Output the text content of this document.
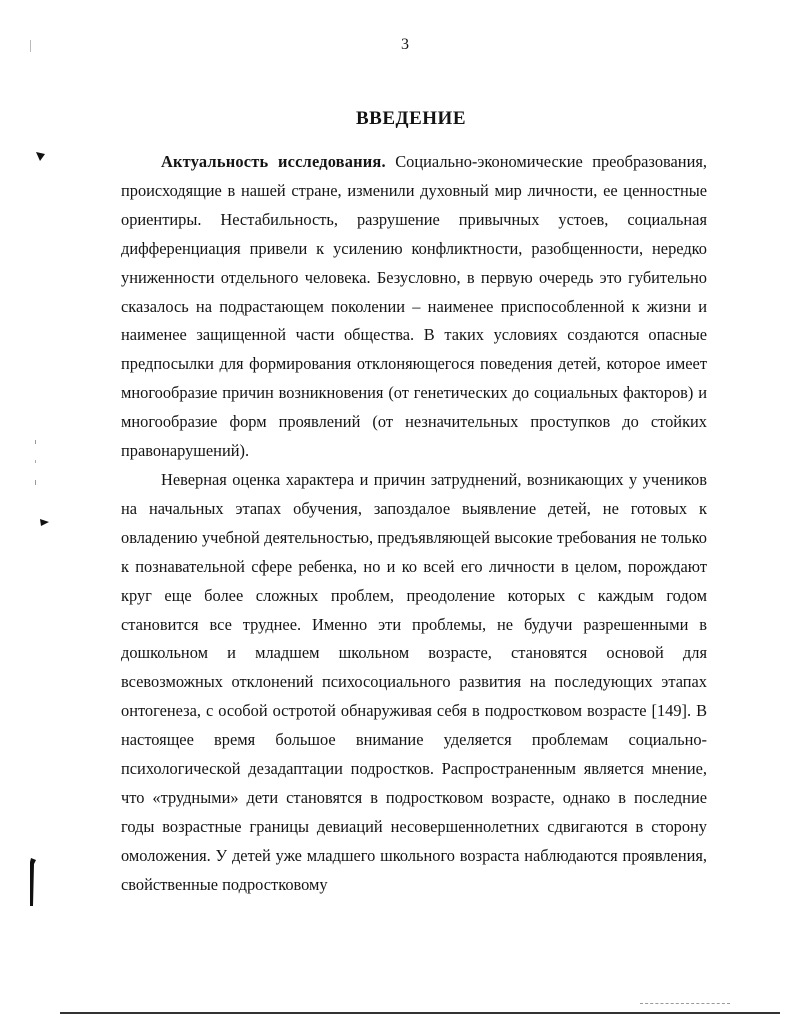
3
ВВЕДЕНИЕ

Актуальность исследования. Социально-экономические преобразования, происходящие в нашей стране, изменили духовный мир личности, ее ценностные ориентиры. Нестабильность, разрушение привычных устоев, социальная дифференциация привели к усилению конфликтности, разобщенности, нередко униженности отдельного человека. Безусловно, в первую очередь это губительно сказалось на подрастающем поколении – наименее приспособленной к жизни и наименее защищенной части общества. В таких условиях создаются опасные предпосылки для формирования отклоняющегося поведения детей, которое имеет многообразие причин возникновения (от генетических до социальных факторов) и многообразие форм проявлений (от незначительных проступков до стойких правонарушений).

Неверная оценка характера и причин затруднений, возникающих у учеников на начальных этапах обучения, запоздалое выявление детей, не готовых к овладению учебной деятельностью, предъявляющей высокие требования не только к познавательной сфере ребенка, но и ко всей его личности в целом, порождают круг еще более сложных проблем, преодоление которых с каждым годом становится все труднее. Именно эти проблемы, не будучи разрешенными в дошкольном и младшем школьном возрасте, становятся основой для всевозможных отклонений психосоциального развития на последующих этапах онтогенеза, с особой остротой обнаруживая себя в подростковом возрасте [149]. В настоящее время большое внимание уделяется проблемам социально-психологической дезадаптации подростков. Распространенным является мнение, что «трудными» дети становятся в подростковом возрасте, однако в последние годы возрастные границы девиаций несовершеннолетних сдвигаются в сторону омоложения. У детей уже младшего школьного возраста наблюдаются проявления, свойственные подростковому
